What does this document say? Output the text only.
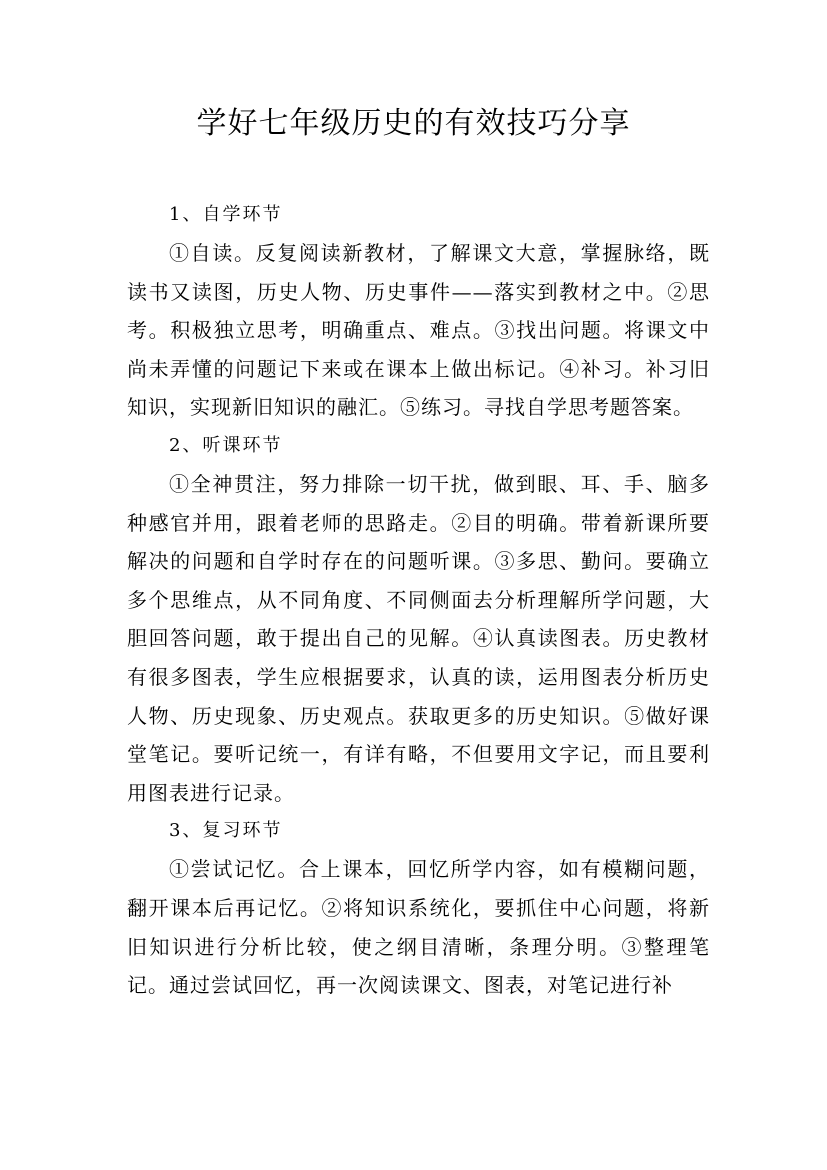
学好七年级历史的有效技巧分享

1、自学环节

①自读。反复阅读新教材，了解课文大意，掌握脉络，既读书又读图，历史人物、历史事件——落实到教材之中。②思考。积极独立思考，明确重点、难点。③找出问题。将课文中尚未弄懂的问题记下来或在课本上做出标记。④补习。补习旧知识，实现新旧知识的融汇。⑤练习。寻找自学思考题答案。

2、听课环节

①全神贯注，努力排除一切干扰，做到眼、耳、手、脑多种感官并用，跟着老师的思路走。②目的明确。带着新课所要解决的问题和自学时存在的问题听课。③多思、勤问。要确立多个思维点，从不同角度、不同侧面去分析理解所学问题，大胆回答问题，敢于提出自己的见解。④认真读图表。历史教材有很多图表，学生应根据要求，认真的读，运用图表分析历史人物、历史现象、历史观点。获取更多的历史知识。⑤做好课堂笔记。要听记统一，有详有略，不但要用文字记，而且要利用图表进行记录。

3、复习环节

①尝试记忆。合上课本，回忆所学内容，如有模糊问题，翻开课本后再记忆。②将知识系统化，要抓住中心问题，将新旧知识进行分析比较，使之纲目清晰，条理分明。③整理笔记。通过尝试回忆，再一次阅读课文、图表，对笔记进行补
